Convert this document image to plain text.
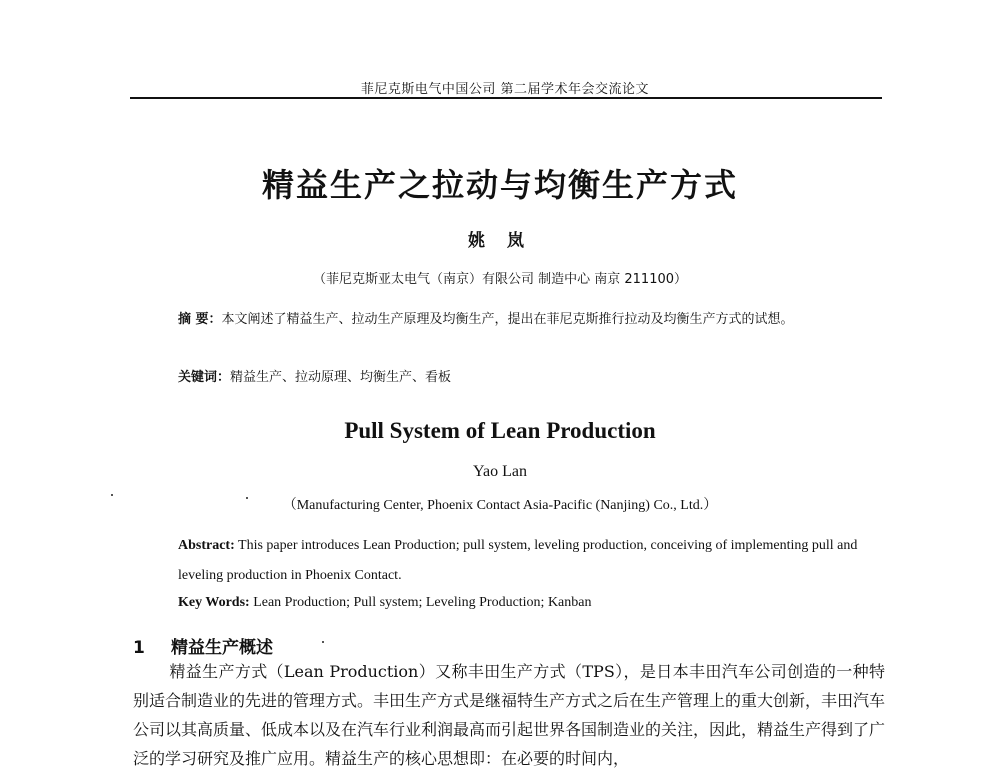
菲尼克斯电气中国公司 第二届学术年会交流论文
精益生产之拉动与均衡生产方式
姚 岚
（菲尼克斯亚太电气（南京）有限公司 制造中心 南京 211100）
摘 要：本文阐述了精益生产、拉动生产原理及均衡生产，提出在菲尼克斯推行拉动及均衡生产方式的试想。
关键词：精益生产、拉动原理、均衡生产、看板
Pull System of Lean Production
Yao Lan
（Manufacturing Center, Phoenix Contact Asia-Pacific (Nanjing) Co., Ltd.）
Abstract: This paper introduces Lean Production; pull system, leveling production, conceiving of implementing pull and leveling production in Phoenix Contact.
Key Words: Lean Production; Pull system; Leveling Production; Kanban
1 精益生产概述
精益生产方式（Lean Production）又称丰田生产方式（TPS），是日本丰田汽车公司创造的一种特别适合制造业的先进的管理方式。丰田生产方式是继福特生产方式之后在生产管理上的重大创新，丰田汽车公司以其高质量、低成本以及在汽车行业利润最高而引起世界各国制造业的关注，因此，精益生产得到了广泛的学习研究及推广应用。精益生产的核心思想即：在必要的时间内，
